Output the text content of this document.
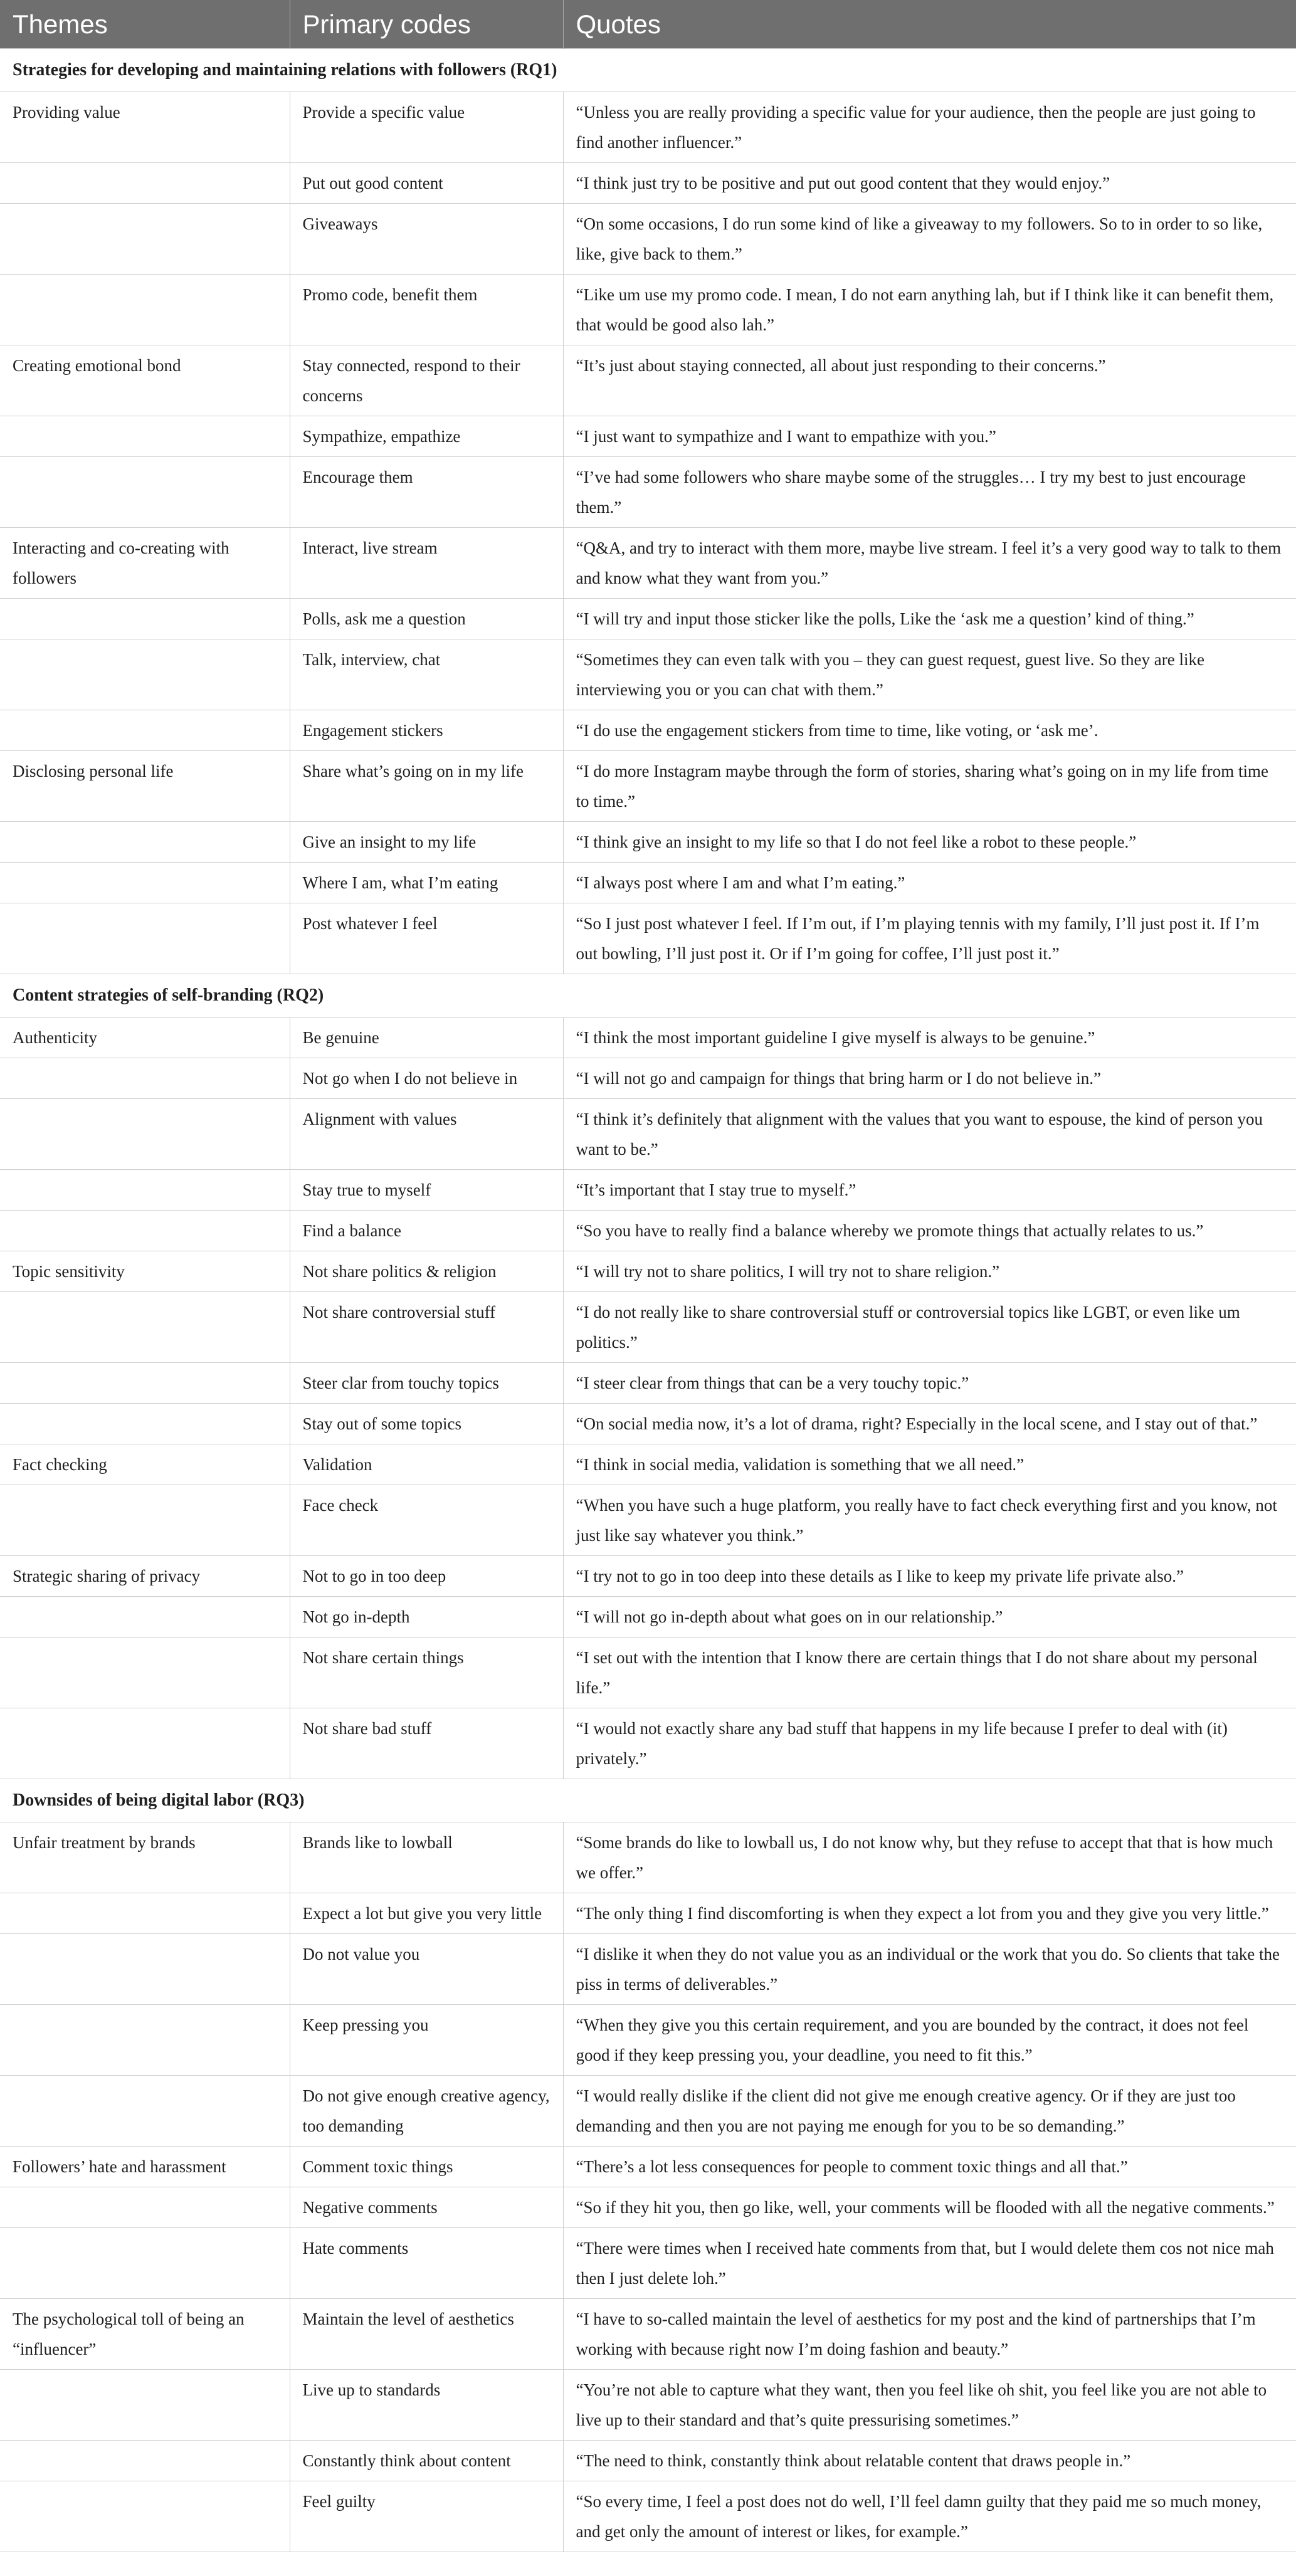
Themes	Primary codes	Quotes
Strategies for developing and maintaining relations with followers (RQ1)		
Providing value	Provide a specific value	“Unless you are really providing a specific value for your audience, then the people are just going to find another influencer.”
	Put out good content	“I think just try to be positive and put out good content that they would enjoy.”
	Giveaways	“On some occasions, I do run some kind of like a giveaway to my followers. So to in order to so like, like, give back to them.”
	Promo code, benefit them	“Like um use my promo code. I mean, I do not earn anything lah, but if I think like it can benefit them, that would be good also lah.”
Creating emotional bond	Stay connected, respond to their concerns	“It’s just about staying connected, all about just responding to their concerns.”
	Sympathize, empathize	“I just want to sympathize and I want to empathize with you.”
	Encourage them	“I’ve had some followers who share maybe some of the struggles… I try my best to just encourage them.”
Interacting and co-creating with followers	Interact, live stream	“Q&A, and try to interact with them more, maybe live stream. I feel it’s a very good way to talk to them and know what they want from you.”
	Polls, ask me a question	“I will try and input those sticker like the polls, Like the ‘ask me a question’ kind of thing.”
	Talk, interview, chat	“Sometimes they can even talk with you – they can guest request, guest live. So they are like interviewing you or you can chat with them.”
	Engagement stickers	“I do use the engagement stickers from time to time, like voting, or ‘ask me’.
Disclosing personal life	Share what’s going on in my life	“I do more Instagram maybe through the form of stories, sharing what’s going on in my life from time to time.”
	Give an insight to my life	“I think give an insight to my life so that I do not feel like a robot to these people.”
	Where I am, what I’m eating	“I always post where I am and what I’m eating.”
	Post whatever I feel	“So I just post whatever I feel. If I’m out, if I’m playing tennis with my family, I’ll just post it. If I’m out bowling, I’ll just post it. Or if I’m going for coffee, I’ll just post it.”
Content strategies of self-branding (RQ2)		
Authenticity	Be genuine	“I think the most important guideline I give myself is always to be genuine.”
	Not go when I do not believe in	“I will not go and campaign for things that bring harm or I do not believe in.”
	Alignment with values	“I think it’s definitely that alignment with the values that you want to espouse, the kind of person you want to be.”
	Stay true to myself	“It’s important that I stay true to myself.”
	Find a balance	“So you have to really find a balance whereby we promote things that actually relates to us.”
Topic sensitivity	Not share politics & religion	“I will try not to share politics, I will try not to share religion.”
	Not share controversial stuff	“I do not really like to share controversial stuff or controversial topics like LGBT, or even like um politics.”
	Steer clar from touchy topics	“I steer clear from things that can be a very touchy topic.”
	Stay out of some topics	“On social media now, it’s a lot of drama, right? Especially in the local scene, and I stay out of that.”
Fact checking	Validation	“I think in social media, validation is something that we all need.”
	Face check	“When you have such a huge platform, you really have to fact check everything first and you know, not just like say whatever you think.”
Strategic sharing of privacy	Not to go in too deep	“I try not to go in too deep into these details as I like to keep my private life private also.”
	Not go in-depth	“I will not go in-depth about what goes on in our relationship.”
	Not share certain things	“I set out with the intention that I know there are certain things that I do not share about my personal life.”
	Not share bad stuff	“I would not exactly share any bad stuff that happens in my life because I prefer to deal with (it) privately.”
Downsides of being digital labor (RQ3)		
Unfair treatment by brands	Brands like to lowball	“Some brands do like to lowball us, I do not know why, but they refuse to accept that that is how much we offer.”
	Expect a lot but give you very little	“The only thing I find discomforting is when they expect a lot from you and they give you very little.”
	Do not value you	“I dislike it when they do not value you as an individual or the work that you do. So clients that take the piss in terms of deliverables.”
	Keep pressing you	“When they give you this certain requirement, and you are bounded by the contract, it does not feel good if they keep pressing you, your deadline, you need to fit this.”
	Do not give enough creative agency, too demanding	“I would really dislike if the client did not give me enough creative agency. Or if they are just too demanding and then you are not paying me enough for you to be so demanding.”
Followers’ hate and harassment	Comment toxic things	“There’s a lot less consequences for people to comment toxic things and all that.”
	Negative comments	“So if they hit you, then go like, well, your comments will be flooded with all the negative comments.”
	Hate comments	“There were times when I received hate comments from that, but I would delete them cos not nice mah then I just delete loh.”
The psychological toll of being an “influencer”	Maintain the level of aesthetics	“I have to so-called maintain the level of aesthetics for my post and the kind of partnerships that I’m working with because right now I’m doing fashion and beauty.”
	Live up to standards	“You’re not able to capture what they want, then you feel like oh shit, you feel like you are not able to live up to their standard and that’s quite pressurising sometimes.”
	Constantly think about content	“The need to think, constantly think about relatable content that draws people in.”
	Feel guilty	“So every time, I feel a post does not do well, I’ll feel damn guilty that they paid me so much money, and get only the amount of interest or likes, for example.”
